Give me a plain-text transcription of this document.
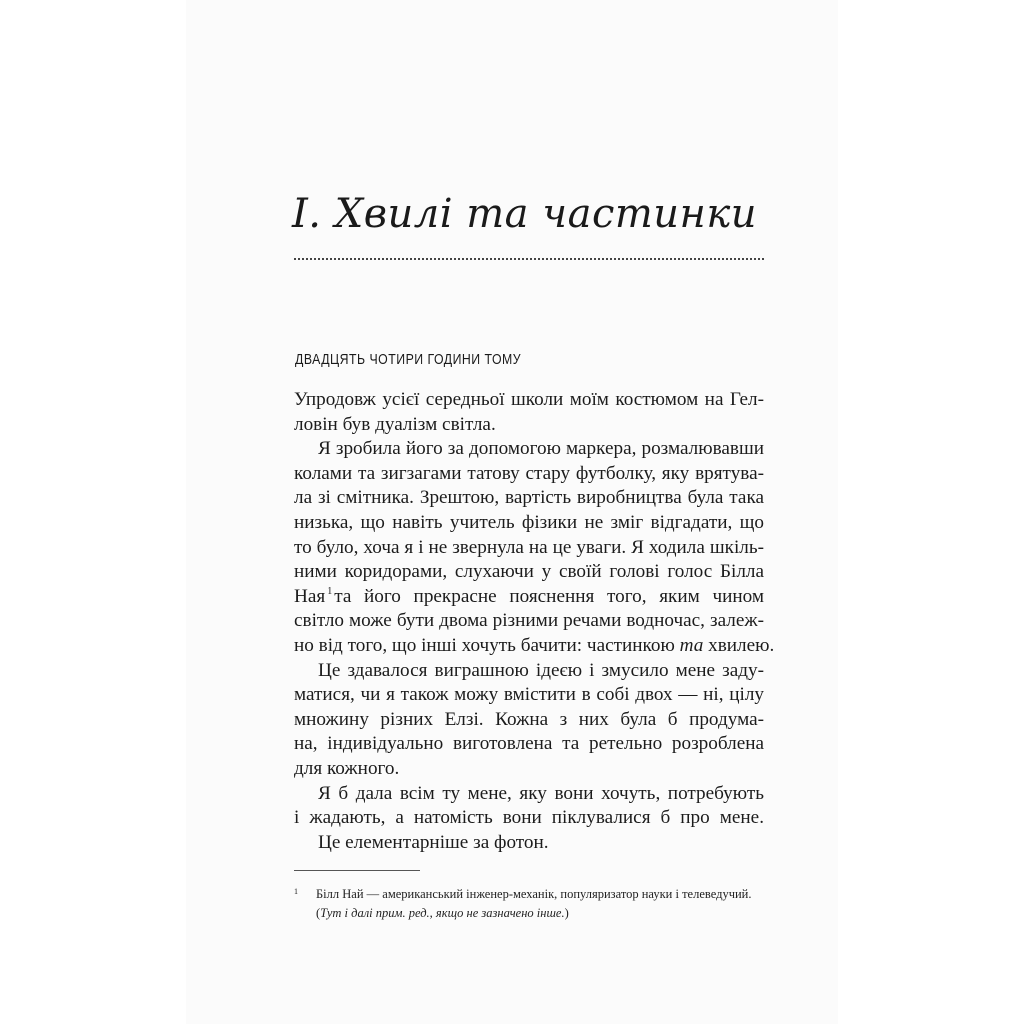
І. Хвилі та частинки
ДВАДЦЯТЬ ЧОТИРИ ГОДИНИ ТОМУ
Упродовж усієї середньої школи моїм костюмом на Гел-
ловін був дуалізм світла.
Я зробила його за допомогою маркера, розмалювавши
колами та зигзагами татову стару футболку, яку врятува-
ла зі смітника. Зрештою, вартість виробництва була така
низька, що навіть учитель фізики не зміг відгадати, що
то було, хоча я і не звернула на це уваги. Я ходила шкіль-
ними коридорами, слухаючи у своїй голові голос Білла
Ная $^1$ та його прекрасне пояснення того, яким чином
світло може бути двома різними речами водночас, залеж-
но від того, що інші хочуть бачити: частинкою та хвилею.
Це здавалося виграшною ідеєю і змусило мене заду-
матися, чи я також можу вмістити в собі двох — ні, цілу
множину різних Елзі. Кожна з них була б продума-
на, індивідуально виготовлена та ретельно розроблена
для кожного.
Я б дала всім ту мене, яку вони хочуть, потребують
і жадають, а натомість вони піклувалися б про мене.
Це елементарніше за фотон.
1 Білл Най — американський інженер-механік, популяризатор науки і телеведучий.
(Тут і далі прим. ред., якщо не зазначено інше.)
